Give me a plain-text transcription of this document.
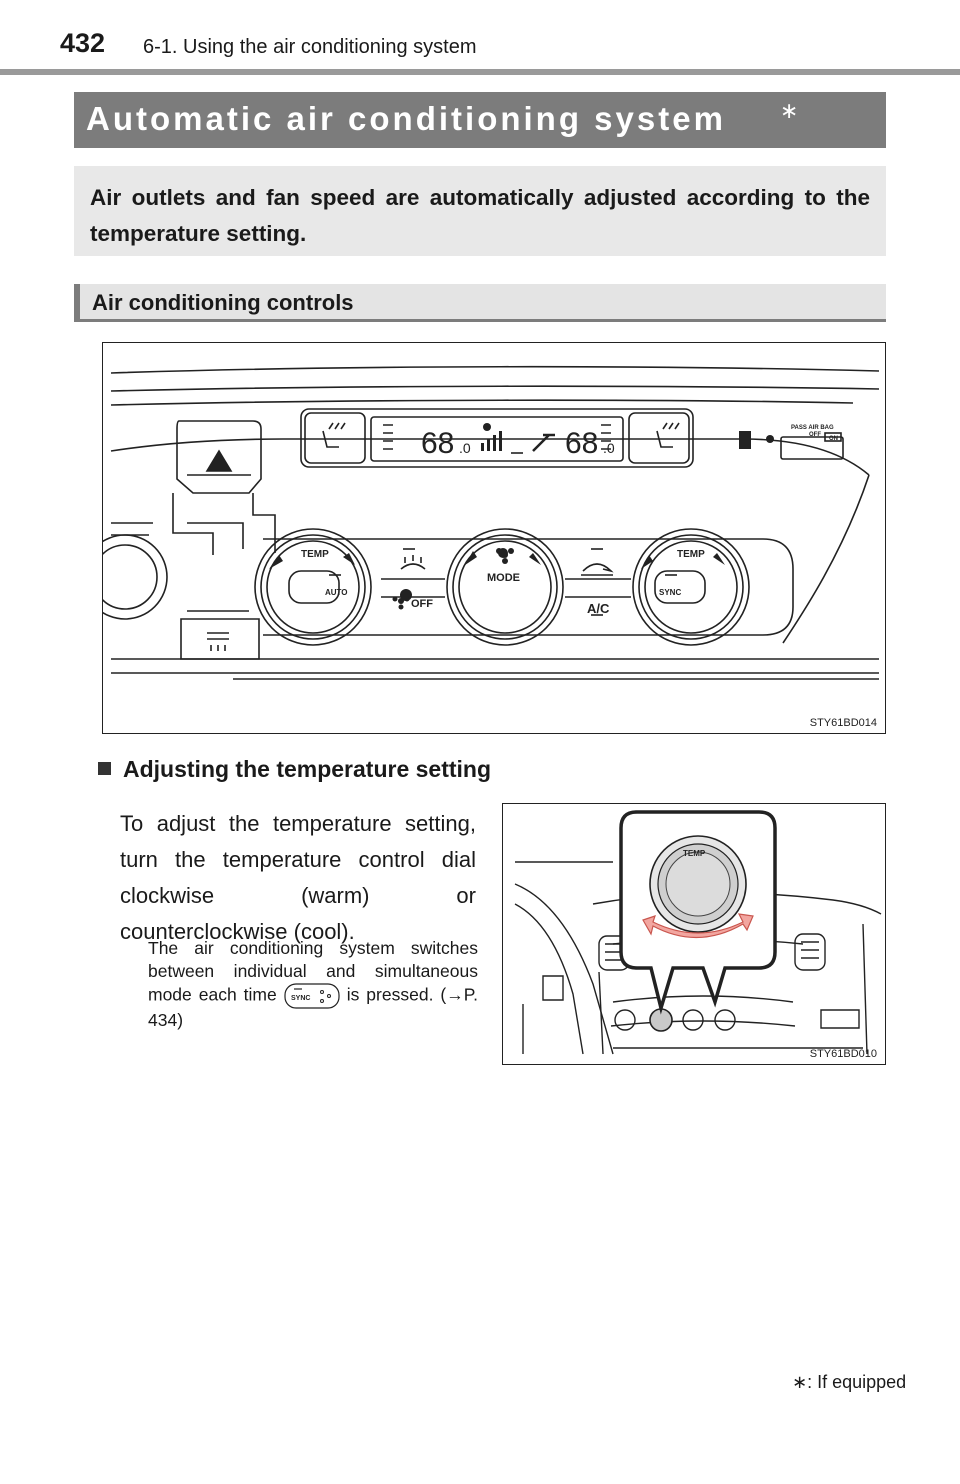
432 6-1. Using the air conditioning system
Automatic air conditioning system ∗
Air outlets and fan speed are automatically adjusted according to the temperature setting.
Air conditioning controls
68 .0	68 .0
TEMP
AUTO
MODE
TEMP
SYNC
OFF	A/C
PASS AIR BAG
OFF
ON
STY61BD014
Adjusting the temperature setting
To adjust the temperature setting, turn the temperature control dial clockwise (warm) or counterclockwise (cool).
The air conditioning system switches between individual and simultaneous mode each time SYNC is pressed. (→P. 434)
TEMP
STY61BD010
∗: If equipped
